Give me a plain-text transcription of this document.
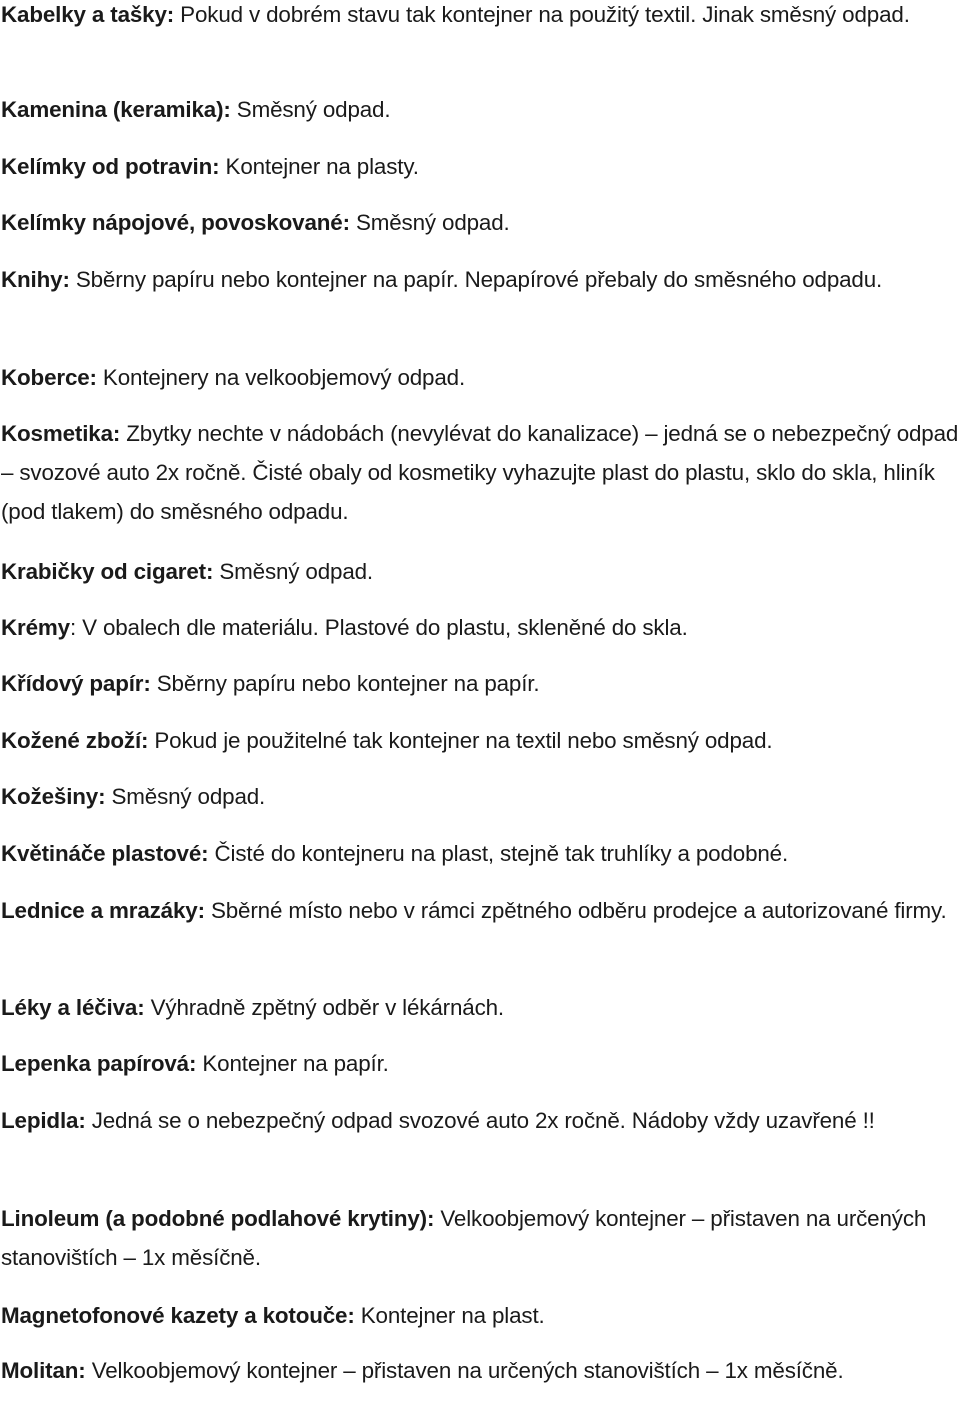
Kabelky a tašky: Pokud v dobrém stavu tak kontejner na použitý textil. Jinak směsný odpad.

Kamenina (keramika): Směsný odpad.

Kelímky od potravin: Kontejner na plasty.

Kelímky nápojové, povoskované: Směsný odpad.

Knihy: Sběrny papíru nebo kontejner na papír. Nepapírové přebaly do směsného odpadu.

Koberce: Kontejnery na velkoobjemový odpad.

Kosmetika: Zbytky nechte v nádobách (nevylévat do kanalizace) – jedná se o nebezpečný odpad – svozové auto 2x ročně. Čisté obaly od kosmetiky vyhazujte plast do plastu, sklo do skla, hliník (pod tlakem) do směsného odpadu.

Krabičky od cigaret: Směsný odpad.

Krémy: V obalech dle materiálu. Plastové do plastu, skleněné do skla.

Křídový papír: Sběrny papíru nebo kontejner na papír.

Kožené zboží: Pokud je použitelné tak kontejner na textil nebo směsný odpad.

Kožešiny: Směsný odpad.

Květináče plastové: Čisté do kontejneru na plast, stejně tak truhlíky a podobné.

Lednice a mrazáky: Sběrné místo nebo v rámci zpětného odběru prodejce a autorizované firmy.

Léky a léčiva: Výhradně zpětný odběr v lékárnách.

Lepenka papírová: Kontejner na papír.

Lepidla: Jedná se o nebezpečný odpad svozové auto 2x ročně. Nádoby vždy uzavřené !!

Linoleum (a podobné podlahové krytiny): Velkoobjemový kontejner – přistaven na určených stanovištích – 1x měsíčně.

Magnetofonové kazety a kotouče: Kontejner na plast.

Molitan: Velkoobjemový kontejner – přistaven na určených stanovištích – 1x měsíčně.
